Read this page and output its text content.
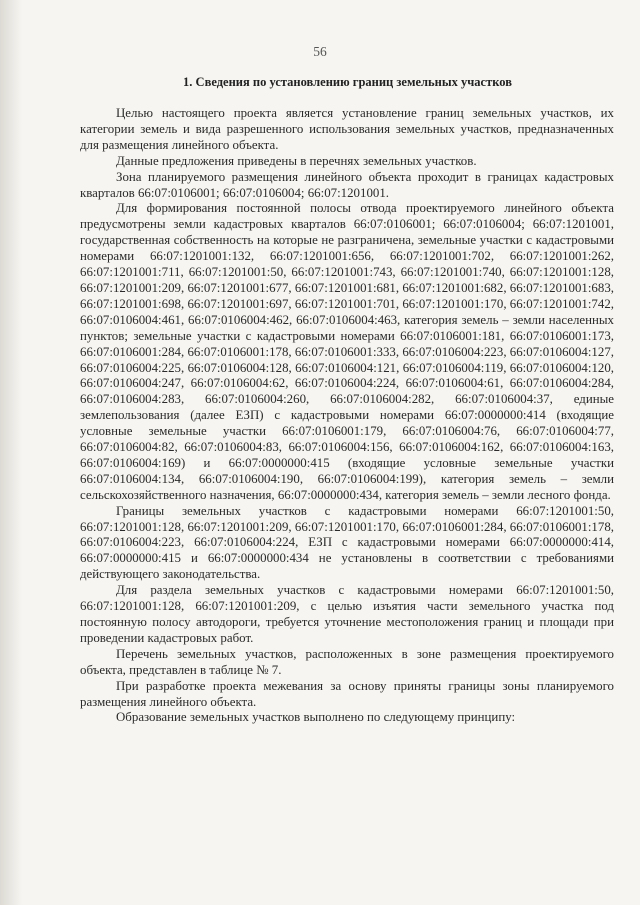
56
1. Сведения по установлению границ земельных участков

Целью настоящего проекта является установление границ земельных участков, их категории земель и вида разрешенного использования земельных участков, предназначенных для размещения линейного объекта.

Данные предложения приведены в перечнях земельных участков.

Зона планируемого размещения линейного объекта проходит в границах кадастровых кварталов 66:07:0106001; 66:07:0106004; 66:07:1201001.

Для формирования постоянной полосы отвода проектируемого линейного объекта предусмотрены земли кадастровых кварталов 66:07:0106001; 66:07:0106004; 66:07:1201001, государственная собственность на которые не разграничена, земельные участки с кадастровыми номерами 66:07:1201001:132, 66:07:1201001:656, 66:07:1201001:702, 66:07:1201001:262, 66:07:1201001:711, 66:07:1201001:50, 66:07:1201001:743, 66:07:1201001:740, 66:07:1201001:128, 66:07:1201001:209, 66:07:1201001:677, 66:07:1201001:681, 66:07:1201001:682, 66:07:1201001:683, 66:07:1201001:698, 66:07:1201001:697, 66:07:1201001:701, 66:07:1201001:170, 66:07:1201001:742, 66:07:0106004:461, 66:07:0106004:462, 66:07:0106004:463, категория земель – земли населенных пунктов; земельные участки с кадастровыми номерами 66:07:0106001:181, 66:07:0106001:173, 66:07:0106001:284, 66:07:0106001:178, 66:07:0106001:333, 66:07:0106004:223, 66:07:0106004:127, 66:07:0106004:225, 66:07:0106004:128, 66:07:0106004:121, 66:07:0106004:119, 66:07:0106004:120, 66:07:0106004:247, 66:07:0106004:62, 66:07:0106004:224, 66:07:0106004:61, 66:07:0106004:284, 66:07:0106004:283, 66:07:0106004:260, 66:07:0106004:282, 66:07:0106004:37, единые землепользования (далее ЕЗП) с кадастровыми номерами 66:07:0000000:414 (входящие условные земельные участки 66:07:0106001:179, 66:07:0106004:76, 66:07:0106004:77, 66:07:0106004:82, 66:07:0106004:83, 66:07:0106004:156, 66:07:0106004:162, 66:07:0106004:163, 66:07:0106004:169) и 66:07:0000000:415 (входящие условные земельные участки 66:07:0106004:134, 66:07:0106004:190, 66:07:0106004:199), категория земель – земли сельскохозяйственного назначения, 66:07:0000000:434, категория земель – земли лесного фонда.

Границы земельных участков с кадастровыми номерами 66:07:1201001:50, 66:07:1201001:128, 66:07:1201001:209, 66:07:1201001:170, 66:07:0106001:284, 66:07:0106001:178, 66:07:0106004:223, 66:07:0106004:224, ЕЗП с кадастровыми номерами 66:07:0000000:414, 66:07:0000000:415 и 66:07:0000000:434 не установлены в соответствии с требованиями действующего законодательства.

Для раздела земельных участков с кадастровыми номерами 66:07:1201001:50, 66:07:1201001:128, 66:07:1201001:209, с целью изъятия части земельного участка под постоянную полосу автодороги, требуется уточнение местоположения границ и площади при проведении кадастровых работ.

Перечень земельных участков, расположенных в зоне размещения проектируемого объекта, представлен в таблице № 7.

При разработке проекта межевания за основу приняты границы зоны планируемого размещения линейного объекта.

Образование земельных участков выполнено по следующему принципу:
